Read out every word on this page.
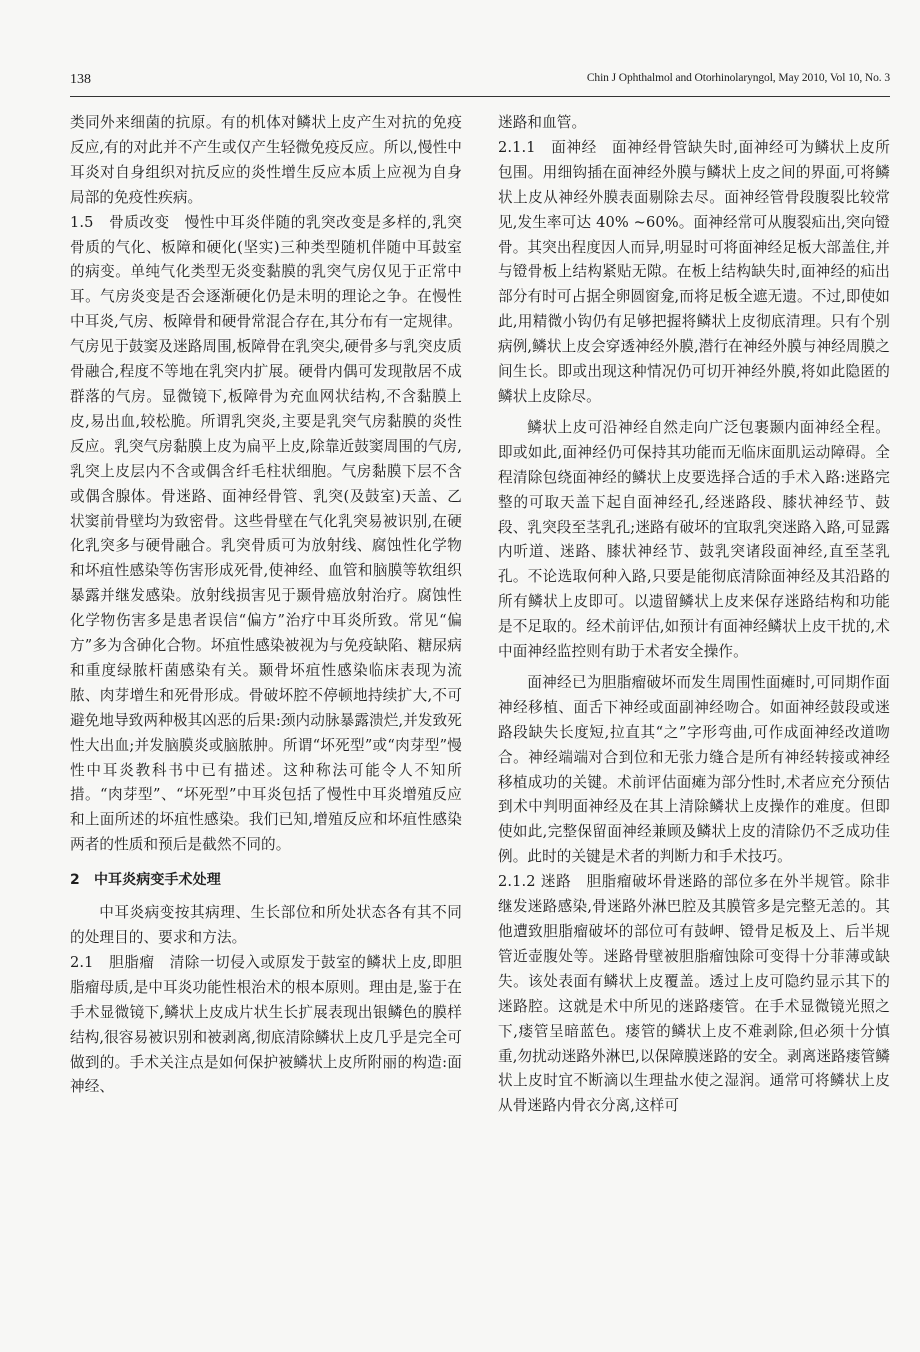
138	Chin J Ophthalmol and Otorhinolaryngol, May 2010, Vol 10, No. 3

类同外来细菌的抗原。有的机体对鳞状上皮产生对抗的免疫反应,有的对此并不产生或仅产生轻微免疫反应。所以,慢性中耳炎对自身组织对抗反应的炎性增生反应本质上应视为自身局部的免疫性疾病。

1.5　骨质改变　慢性中耳炎伴随的乳突改变是多样的,乳突骨质的气化、板障和硬化(坚实)三种类型随机伴随中耳鼓室的病变。单纯气化类型无炎变黏膜的乳突气房仅见于正常中耳。气房炎变是否会逐渐硬化仍是未明的理论之争。在慢性中耳炎,气房、板障骨和硬骨常混合存在,其分布有一定规律。气房见于鼓窦及迷路周围,板障骨在乳突尖,硬骨多与乳突皮质骨融合,程度不等地在乳突内扩展。硬骨内偶可发现散居不成群落的气房。显微镜下,板障骨为充血网状结构,不含黏膜上皮,易出血,较松脆。所谓乳突炎,主要是乳突气房黏膜的炎性反应。乳突气房黏膜上皮为扁平上皮,除靠近鼓窦周围的气房,乳突上皮层内不含或偶含纤毛柱状细胞。气房黏膜下层不含或偶含腺体。骨迷路、面神经骨管、乳突(及鼓室)天盖、乙状窦前骨壁均为致密骨。这些骨壁在气化乳突易被识别,在硬化乳突多与硬骨融合。乳突骨质可为放射线、腐蚀性化学物和坏疽性感染等伤害形成死骨,使神经、血管和脑膜等软组织暴露并继发感染。放射线损害见于颞骨癌放射治疗。腐蚀性化学物伤害多是患者误信“偏方”治疗中耳炎所致。常见“偏方”多为含砷化合物。坏疽性感染被视为与免疫缺陷、糖尿病和重度绿脓杆菌感染有关。颞骨坏疽性感染临床表现为流脓、肉芽增生和死骨形成。骨破坏腔不停顿地持续扩大,不可避免地导致两种极其凶恶的后果:颈内动脉暴露溃烂,并发致死性大出血;并发脑膜炎或脑脓肿。所谓“坏死型”或“肉芽型”慢性中耳炎教科书中已有描述。这种称法可能令人不知所措。“肉芽型”、“坏死型”中耳炎包括了慢性中耳炎增殖反应和上面所述的坏疽性感染。我们已知,增殖反应和坏疽性感染两者的性质和预后是截然不同的。

2　中耳炎病变手术处理

中耳炎病变按其病理、生长部位和所处状态各有其不同的处理目的、要求和方法。

2.1　胆脂瘤　清除一切侵入或原发于鼓室的鳞状上皮,即胆脂瘤母质,是中耳炎功能性根治术的根本原则。理由是,鉴于在手术显微镜下,鳞状上皮成片状生长扩展表现出银鳞色的膜样结构,很容易被识别和被剥离,彻底清除鳞状上皮几乎是完全可做到的。手术关注点是如何保护被鳞状上皮所附丽的构造:面神经、

迷路和血管。

2.1.1　面神经　面神经骨管缺失时,面神经可为鳞状上皮所包围。用细钩插在面神经外膜与鳞状上皮之间的界面,可将鳞状上皮从神经外膜表面剔除去尽。面神经管骨段腹裂比较常见,发生率可达 40% ~60%。面神经常可从腹裂疝出,突向镫骨。其突出程度因人而异,明显时可将面神经足板大部盖住,并与镫骨板上结构紧贴无隙。在板上结构缺失时,面神经的疝出部分有时可占据全卵圆窗龛,而将足板全遮无遗。不过,即使如此,用精微小钩仍有足够把握将鳞状上皮彻底清理。只有个别病例,鳞状上皮会穿透神经外膜,潜行在神经外膜与神经周膜之间生长。即或出现这种情况仍可切开神经外膜,将如此隐匿的鳞状上皮除尽。

鳞状上皮可沿神经自然走向广泛包裹颞内面神经全程。即或如此,面神经仍可保持其功能而无临床面肌运动障碍。全程清除包绕面神经的鳞状上皮要选择合适的手术入路:迷路完整的可取天盖下起自面神经孔,经迷路段、膝状神经节、鼓段、乳突段至茎乳孔;迷路有破坏的宜取乳突迷路入路,可显露内听道、迷路、膝状神经节、鼓乳突诸段面神经,直至茎乳孔。不论选取何种入路,只要是能彻底清除面神经及其沿路的所有鳞状上皮即可。以遗留鳞状上皮来保存迷路结构和功能是不足取的。经术前评估,如预计有面神经鳞状上皮干扰的,术中面神经监控则有助于术者安全操作。

面神经已为胆脂瘤破坏而发生周围性面瘫时,可同期作面神经移植、面舌下神经或面副神经吻合。如面神经鼓段或迷路段缺失长度短,拉直其“之”字形弯曲,可作成面神经改道吻合。神经端端对合到位和无张力缝合是所有神经转接或神经移植成功的关键。术前评估面瘫为部分性时,术者应充分预估到术中判明面神经及在其上清除鳞状上皮操作的难度。但即使如此,完整保留面神经兼顾及鳞状上皮的清除仍不乏成功佳例。此时的关键是术者的判断力和手术技巧。

2.1.2 迷路　胆脂瘤破坏骨迷路的部位多在外半规管。除非继发迷路感染,骨迷路外淋巴腔及其膜管多是完整无恙的。其他遭致胆脂瘤破坏的部位可有鼓岬、镫骨足板及上、后半规管近壶腹处等。迷路骨壁被胆脂瘤蚀除可变得十分菲薄或缺失。该处表面有鳞状上皮覆盖。透过上皮可隐约显示其下的迷路腔。这就是术中所见的迷路瘘管。在手术显微镜光照之下,瘘管呈暗蓝色。瘘管的鳞状上皮不难剥除,但必须十分慎重,勿扰动迷路外淋巴,以保障膜迷路的安全。剥离迷路瘘管鳞状上皮时宜不断滴以生理盐水使之湿润。通常可将鳞状上皮从骨迷路内骨衣分离,这样可
